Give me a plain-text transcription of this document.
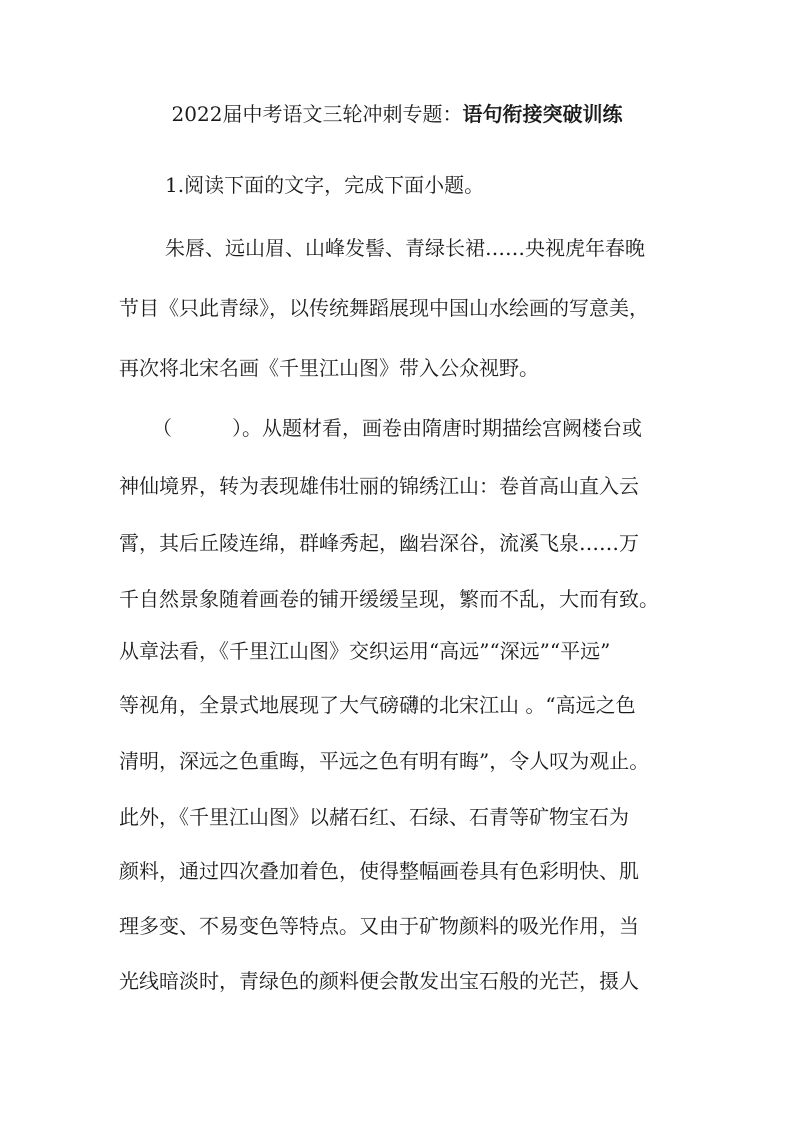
2022届中考语文三轮冲刺专题：语句衔接突破训练
1.阅读下面的文字，完成下面小题。
朱唇、远山眉、山峰发髻、青绿长裙……央视虎年春晚
节目《只此青绿》，以传统舞蹈展现中国山水绘画的写意美，
再次将北宋名画《千里江山图》带入公众视野。
（　　　）。从题材看，画卷由隋唐时期描绘宫阙楼台或
神仙境界，转为表现雄伟壮丽的锦绣江山：卷首高山直入云
霄，其后丘陵连绵，群峰秀起，幽岩深谷，流溪飞泉……万
千自然景象随着画卷的铺开缓缓呈现，繁而不乱，大而有致。
从章法看，《千里江山图》交织运用“高远”“深远”“平远”
等视角，全景式地展现了大气磅礴的北宋江山 。“高远之色
清明，深远之色重晦，平远之色有明有晦”，令人叹为观止。
此外，《千里江山图》以赭石红、石绿、石青等矿物宝石为
颜料，通过四次叠加着色，使得整幅画卷具有色彩明快、肌
理多变、不易变色等特点。又由于矿物颜料的吸光作用，当
光线暗淡时，青绿色的颜料便会散发出宝石般的光芒，摄人
